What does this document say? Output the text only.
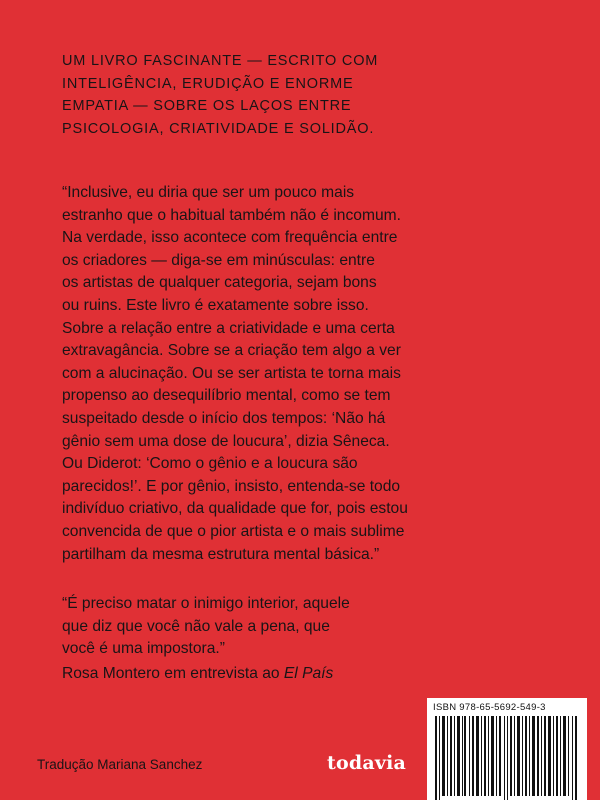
UM LIVRO FASCINANTE — ESCRITO COM
INTELIGÊNCIA, ERUDIÇÃO E ENORME
EMPATIA — SOBRE OS LAÇOS ENTRE
PSICOLOGIA, CRIATIVIDADE E SOLIDÃO.
“Inclusive, eu diria que ser um pouco mais
estranho que o habitual também não é incomum.
Na verdade, isso acontece com frequência entre
os criadores — diga-se em minúsculas: entre
os artistas de qualquer categoria, sejam bons
ou ruins. Este livro é exatamente sobre isso.
Sobre a relação entre a criatividade e uma certa
extravagância. Sobre se a criação tem algo a ver
com a alucinação. Ou se ser artista te torna mais
propenso ao desequilíbrio mental, como se tem
suspeitado desde o início dos tempos: ‘Não há
gênio sem uma dose de loucura’, dizia Sêneca.
Ou Diderot: ‘Como o gênio e a loucura são
parecidos!’. E por gênio, insisto, entenda-se todo
indivíduo criativo, da qualidade que for, pois estou
convencida de que o pior artista e o mais sublime
partilham da mesma estrutura mental básica.”
“É preciso matar o inimigo interior, aquele
que diz que você não vale a pena, que
você é uma impostora.”
Rosa Montero em entrevista ao El País
Tradução Mariana Sanchez	todavia
ISBN 978-65-5692-549-3
